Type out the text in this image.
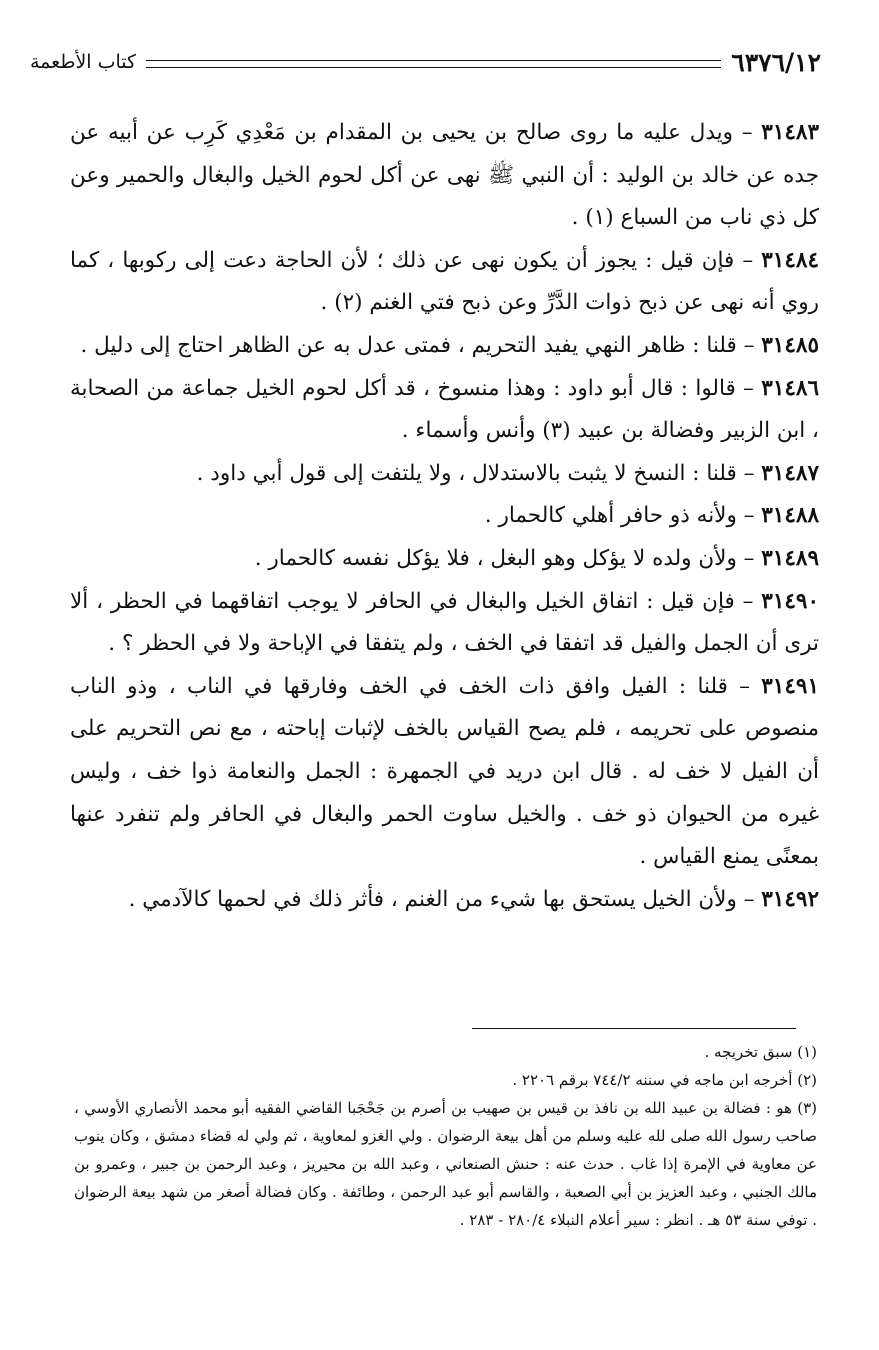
٦٣٧٦/١٢
كتاب الأطعمة

٣١٤٨٣ – ويدل عليه ما روى صالح بن يحيى بن المقدام بن مَعْدِي كَرِب عن أبيه عن جده عن خالد بن الوليد : أن النبي ﷺ نهى عن أكل لحوم الخيل والبغال والحمير وعن كل ذي ناب من السباع (١) .

٣١٤٨٤ – فإن قيل : يجوز أن يكون نهى عن ذلك ؛ لأن الحاجة دعت إلى ركوبها ، كما روي أنه نهى عن ذبح ذوات الدَّرِّ وعن ذبح فتي الغنم (٢) .

٣١٤٨٥ – قلنا : ظاهر النهي يفيد التحريم ، فمتى عدل به عن الظاهر احتاج إلى دليل .

٣١٤٨٦ – قالوا : قال أبو داود : وهذا منسوخ ، قد أكل لحوم الخيل جماعة من الصحابة ، ابن الزبير وفضالة بن عبيد (٣) وأنس وأسماء .

٣١٤٨٧ – قلنا : النسخ لا يثبت بالاستدلال ، ولا يلتفت إلى قول أبي داود .

٣١٤٨٨ – ولأنه ذو حافر أهلي كالحمار .

٣١٤٨٩ – ولأن ولده لا يؤكل وهو البغل ، فلا يؤكل نفسه كالحمار .

٣١٤٩٠ – فإن قيل : اتفاق الخيل والبغال في الحافر لا يوجب اتفاقهما في الحظر ، ألا ترى أن الجمل والفيل قد اتفقا في الخف ، ولم يتفقا في الإباحة ولا في الحظر ؟ .

٣١٤٩١ – قلنا : الفيل وافق ذات الخف في الخف وفارقها في الناب ، وذو الناب منصوص على تحريمه ، فلم يصح القياس بالخف لإثبات إباحته ، مع نص التحريم على أن الفيل لا خف له . قال ابن دريد في الجمهرة : الجمل والنعامة ذوا خف ، وليس غيره من الحيوان ذو خف . والخيل ساوت الحمر والبغال في الحافر ولم تنفرد عنها بمعنًى يمنع القياس .

٣١٤٩٢ – ولأن الخيل يستحق بها شيء من الغنم ، فأثر ذلك في لحمها كالآدمي .

(١) سبق تخريجه .

(٢) أخرجه ابن ماجه في سننه ٧٤٤/٢ برقم ٢٢٠٦ .

(٣) هو : فضالة بن عبيد الله بن نافذ بن قيس بن صهيب بن أصرم بن جَحْجَبا القاضي الفقيه أبو محمد الأنصاري الأوسي ، صاحب رسول الله صلى لله عليه وسلم من أهل بيعة الرضوان . ولي الغزو لمعاوية ، ثم ولي له قضاء دمشق ، وكان ينوب عن معاوية في الإمرة إذا غاب . حدث عنه : حنش الصنعاني ، وعبد الله بن محيريز ، وعبد الرحمن بن جبير ، وعمرو بن مالك الجنبي ، وعبد العزيز بن أبي الصعبة ، والقاسم أبو عبد الرحمن ، وطائفة . وكان فضالة أصغر من شهد بيعة الرضوان . توفي سنة ٥٣ هـ . انظر : سير أعلام النبلاء ٢٨٠/٤ - ٢٨٣ .
